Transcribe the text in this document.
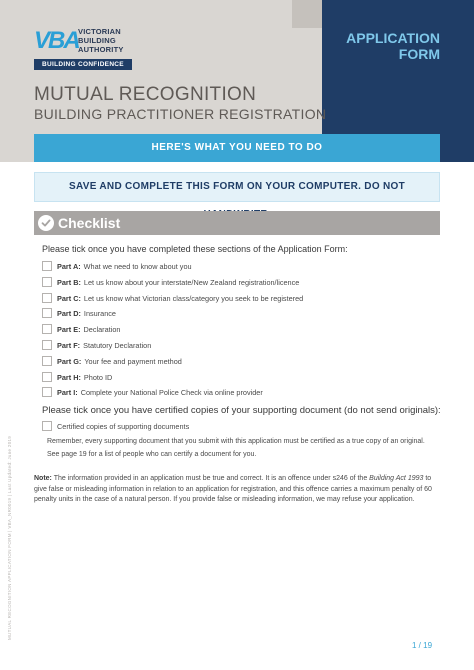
VBA VICTORIAN
BUILDING
AUTHORITY
BUILDING CONFIDENCE
APPLICATION
FORM
MUTUAL RECOGNITION
BUILDING PRACTITIONER REGISTRATION
HERE'S WHAT YOU NEED TO DO
SAVE AND COMPLETE THIS FORM ON YOUR COMPUTER. DO NOT
Checklist
Please tick once you have completed these sections of the Application Form:
Part A: What we need to know about you
Part B: Let us know about your interstate/New Zealand registration/licence
Part C: Let us know what Victorian class/category you seek to be registered
Part D: Insurance
Part E: Declaration
Part F: Statutory Declaration
Part G: Your fee and payment method
Part H: Photo ID
Part I: Complete your National Police Check via online provider
Please tick once you have certified copies of your supporting document (do not send originals):
Certified copies of supporting documents
Remember, every supporting document that you submit with this application must be certified as a true copy of an original. See page 19 for a list of people who can certify a document for you.
Note: The information provided in an application must be true and correct. It is an offence under s246 of the Building Act 1993 to give false or misleading information in relation to an application for registration, and this offence carries a maximum penalty of 60 penalty units in the case of a natural person. If you provide false or misleading information, we may refuse your application.
MUTUAL RECOGNITION APPLICATION FORM | VBA_NR0019 | Last Updated: June 2019
1 / 19
